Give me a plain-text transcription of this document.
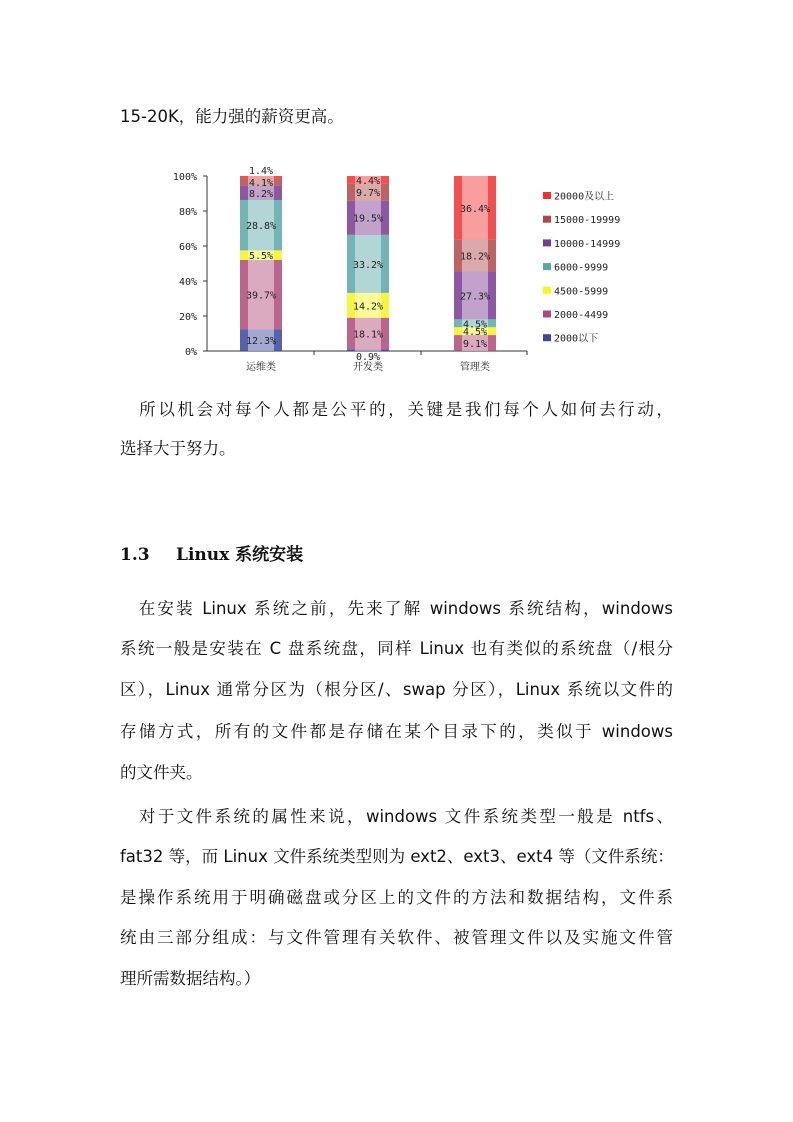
15-20K，能力强的薪资更高。
0%
20%
40%
60%
80%
100%
12.3%
39.7%
5.5%
28.8%
8.2%
4.1%
1.4%
运维类
0.9%
18.1%
14.2%
33.2%
19.5%
9.7%
4.4%
开发类
9.1%
4.5%
4.5%
27.3%
18.2%
36.4%
管理类
20000及以上
15000-19999
10000-14999
6000-9999
4500-5999
2000-4499
2000以下
　所以机会对每个人都是公平的，关键是我们每个人如何去行动，
选择大于努力。
1.3 Linux 系统安装
　在安装 Linux 系统之前，先来了解 windows 系统结构，windows
系统一般是安装在 C 盘系统盘，同样 Linux 也有类似的系统盘（/根分
区），Linux 通常分区为（根分区/、swap 分区），Linux 系统以文件的
存储方式，所有的文件都是存储在某个目录下的，类似于 windows
的文件夹。
　对于文件系统的属性来说，windows 文件系统类型一般是 ntfs、
fat32 等，而 Linux 文件系统类型则为 ext2、ext3、ext4 等（文件系统：
是操作系统用于明确磁盘或分区上的文件的方法和数据结构，文件系
统由三部分组成：与文件管理有关软件、被管理文件以及实施文件管
理所需数据结构。）
